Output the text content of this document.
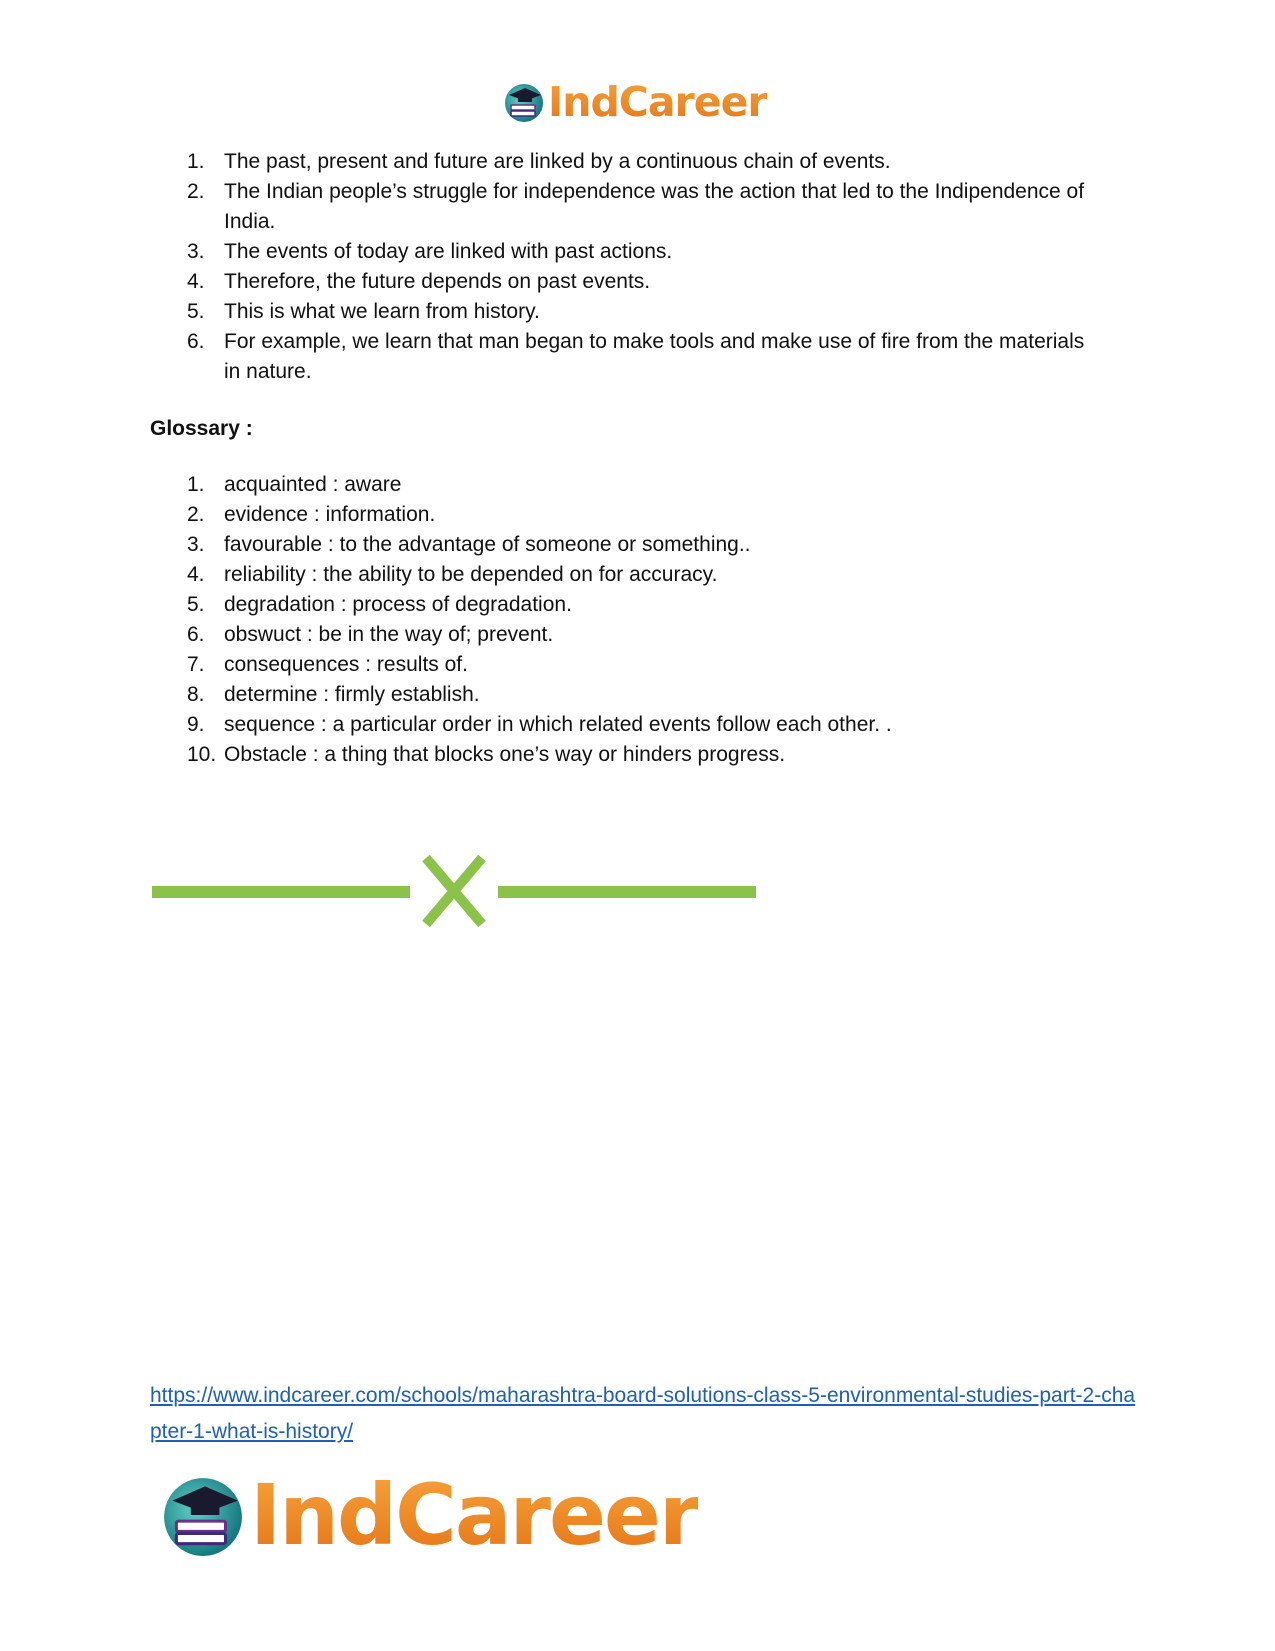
IndCareer
1. The past, present and future are linked by a continuous chain of events.
2. The Indian people’s struggle for independence was the action that led to the Indipendence of India.
3. The events of today are linked with past actions.
4. Therefore, the future depends on past events.
5. This is what we learn from history.
6. For example, we learn that man began to make tools and make use of fire from the materials in nature.
Glossary :
1. acquainted : aware
2. evidence : information.
3. favourable : to the advantage of someone or something..
4. reliability : the ability to be depended on for accuracy.
5. degradation : process of degradation.
6. obswuct : be in the way of; prevent.
7. consequences : results of.
8. determine : firmly establish.
9. sequence : a particular order in which related events follow each other. .
10. Obstacle : a thing that blocks one’s way or hinders progress.
https://www.indcareer.com/schools/maharashtra-board-solutions-class-5-environmental-studies-part-2-chapter-1-what-is-history/
IndCareer
